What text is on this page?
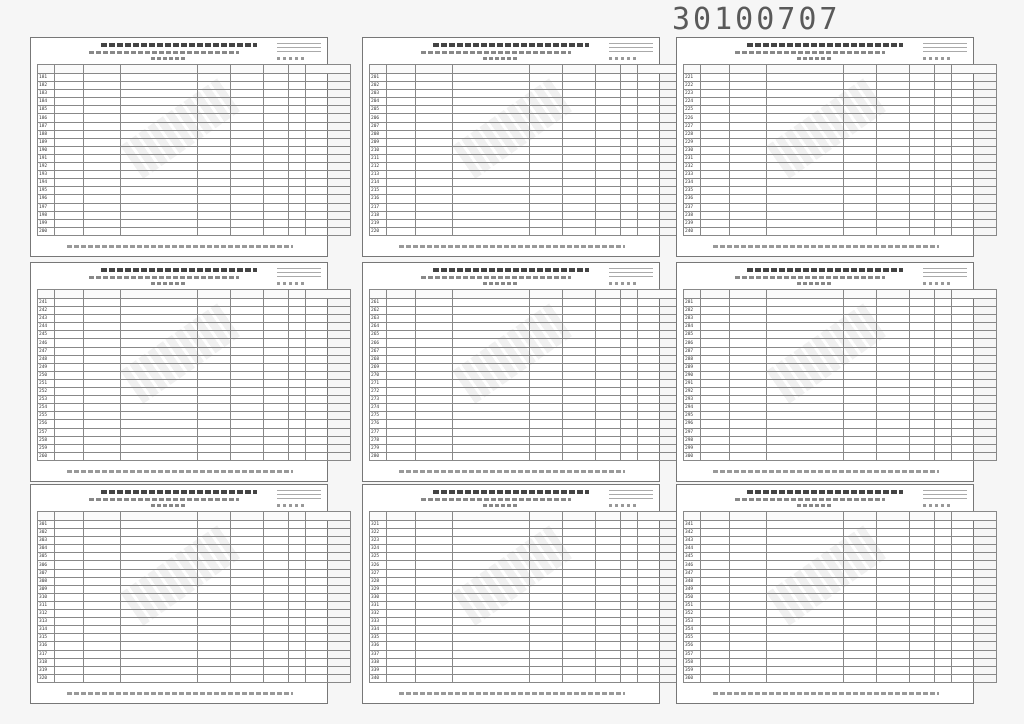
30100707

181								
182								
183								
184								
185								
186								
187								
188								
189								
190								
191								
192								
193								
194								
195								
196								
197								
198								
199								
200								

201								
202								
203								
204								
205								
206								
207								
208								
209								
210								
211								
212								
213								
214								
215								
216								
217								
218								
219								
220								

221								
222								
223								
224								
225								
226								
227								
228								
229								
230								
231								
232								
233								
234								
235								
236								
237								
238								
239								
240								

241								
242								
243								
244								
245								
246								
247								
248								
249								
250								
251								
252								
253								
254								
255								
256								
257								
258								
259								
260								

261								
262								
263								
264								
265								
266								
267								
268								
269								
270								
271								
272								
273								
274								
275								
276								
277								
278								
279								
280								

281								
282								
283								
284								
285								
286								
287								
288								
289								
290								
291								
292								
293								
294								
295								
296								
297								
298								
299								
300								

301								
302								
303								
304								
305								
306								
307								
308								
309								
310								
311								
312								
313								
314								
315								
316								
317								
318								
319								
320								

321								
322								
323								
324								
325								
326								
327								
328								
329								
330								
331								
332								
333								
334								
335								
336								
337								
338								
339								
340								

341								
342								
343								
344								
345								
346								
347								
348								
349								
350								
351								
352								
353								
354								
355								
356								
357								
358								
359								
360								
